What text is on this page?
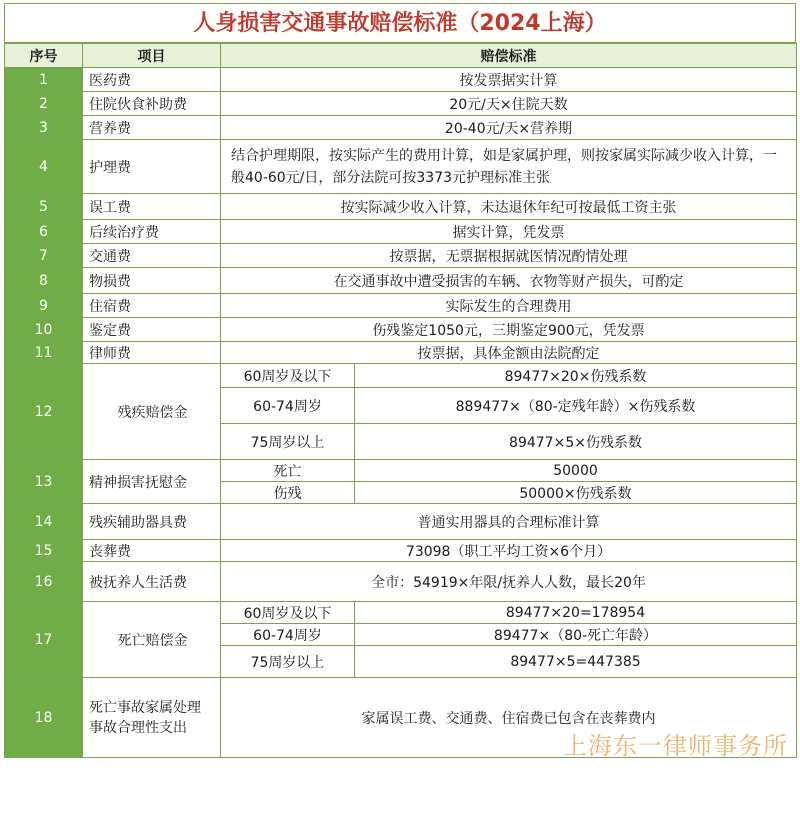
人身损害交通事故赔偿标准（2024上海）
序号	项目	赔偿标准	
1	医药费	按发票据实计算	
2	住院伙食补助费	20元/天×住院天数	
3	营养费	20-40元/天×营养期	
4	护理费	结合护理期限，按实际产生的费用计算，如是家属护理，则按家属实际减少收入计算，一般40-60元/日，部分法院可按3373元护理标准主张	
5	误工费	按实际减少收入计算，未达退休年纪可按最低工资主张	
6	后续治疗费	据实计算，凭发票	
7	交通费	按票据，无票据根据就医情况酌情处理	
8	物损费	在交通事故中遭受损害的车辆、衣物等财产损失，可酌定	
9	住宿费	实际发生的合理费用	
10	鉴定费	伤残鉴定1050元，三期鉴定900元，凭发票	
11	律师费	按票据，具体金额由法院酌定	
12	残疾赔偿金	60周岁及以下	89477×20×伤残系数
		60-74周岁	889477×（80-定残年龄）×伤残系数
		75周岁以上	89477×5×伤残系数
13	精神损害抚慰金	死亡	50000
		伤残	50000×伤残系数
14	残疾辅助器具费	普通实用器具的合理标准计算	
15	丧葬费	73098（职工平均工资×6个月）	
16	被抚养人生活费	全市：54919×年限/抚养人人数，最长20年	
17	死亡赔偿金	60周岁及以下	89477×20=178954
		60-74周岁	89477×（80-死亡年龄）
		75周岁以上	89477×5=447385
18	死亡事故家属处理
事故合理性支出	家属误工费、交通费、住宿费已包含在丧葬费内	
上海东一律师事务所
